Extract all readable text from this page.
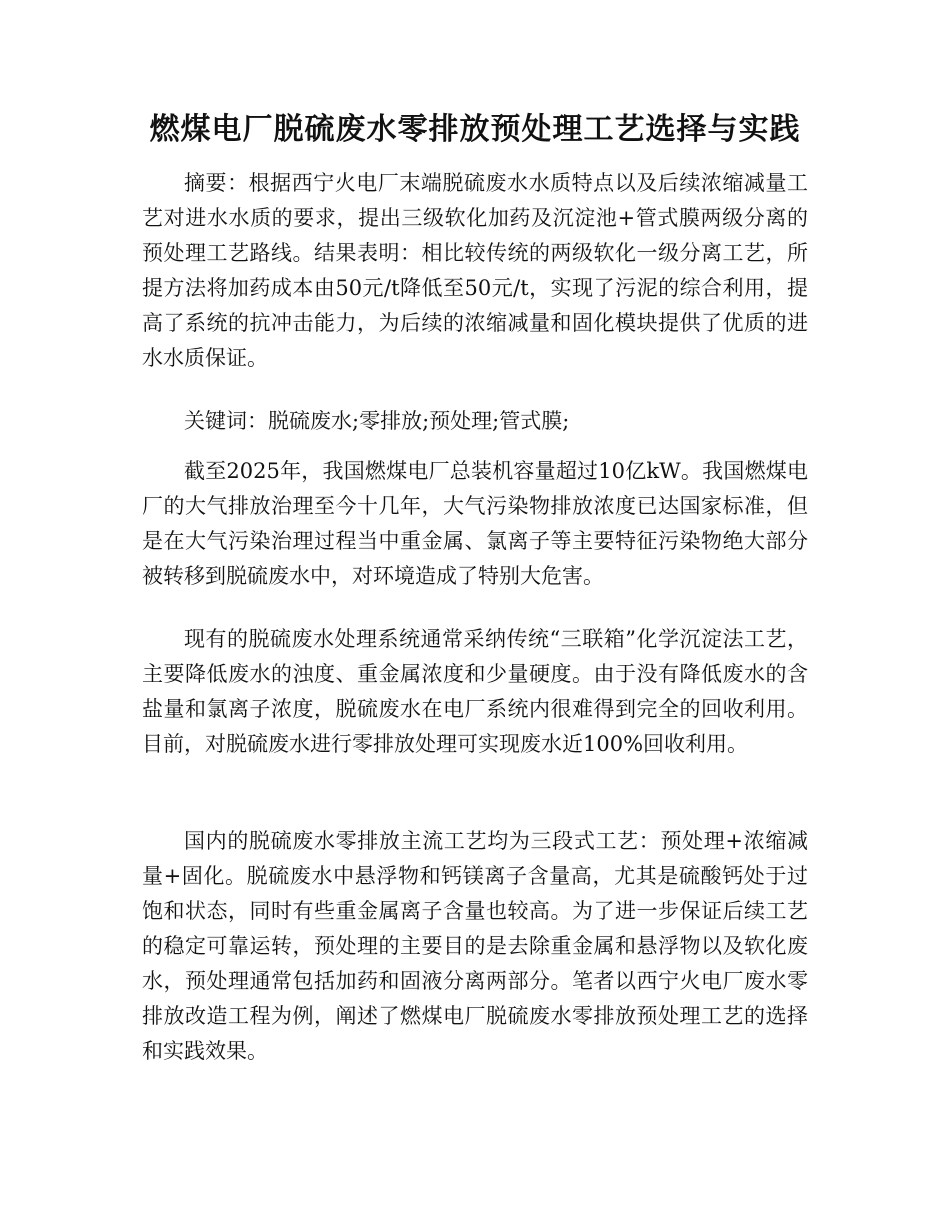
燃煤电厂脱硫废水零排放预处理工艺选择与实践

摘要：根据西宁火电厂末端脱硫废水水质特点以及后续浓缩减量工艺对进水水质的要求，提出三级软化加药及沉淀池+管式膜两级分离的预处理工艺路线。结果表明：相比较传统的两级软化一级分离工艺，所提方法将加药成本由50元/t降低至50元/t，实现了污泥的综合利用，提高了系统的抗冲击能力，为后续的浓缩减量和固化模块提供了优质的进水水质保证。

关键词：脱硫废水;零排放;预处理;管式膜;

截至2025年，我国燃煤电厂总装机容量超过10亿kW。我国燃煤电厂的大气排放治理至今十几年，大气污染物排放浓度已达国家标准，但是在大气污染治理过程当中重金属、氯离子等主要特征污染物绝大部分被转移到脱硫废水中，对环境造成了特别大危害。

现有的脱硫废水处理系统通常采纳传统“三联箱”化学沉淀法工艺，主要降低废水的浊度、重金属浓度和少量硬度。由于没有降低废水的含盐量和氯离子浓度，脱硫废水在电厂系统内很难得到完全的回收利用。目前，对脱硫废水进行零排放处理可实现废水近100%回收利用。

国内的脱硫废水零排放主流工艺均为三段式工艺：预处理+浓缩减量+固化。脱硫废水中悬浮物和钙镁离子含量高，尤其是硫酸钙处于过饱和状态，同时有些重金属离子含量也较高。为了进一步保证后续工艺的稳定可靠运转，预处理的主要目的是去除重金属和悬浮物以及软化废水，预处理通常包括加药和固液分离两部分。笔者以西宁火电厂废水零排放改造工程为例，阐述了燃煤电厂脱硫废水零排放预处理工艺的选择和实践效果。
